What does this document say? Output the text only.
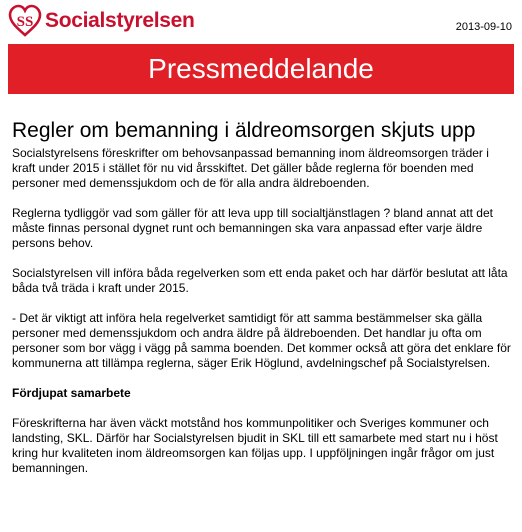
SS Socialstyrelsen	2013-09-10
Pressmeddelande
Regler om bemanning i äldreomsorgen skjuts upp

Socialstyrelsens föreskrifter om behovsanpassad bemanning inom äldreomsorgen träder i kraft under 2015 i stället för nu vid årsskiftet. Det gäller både reglerna för boenden med personer med demenssjukdom och de för alla andra äldreboenden.

Reglerna tydliggör vad som gäller för att leva upp till socialtjänstlagen ? bland annat att det måste finnas personal dygnet runt och bemanningen ska vara anpassad efter varje äldre persons behov.

Socialstyrelsen vill införa båda regelverken som ett enda paket och har därför beslutat att låta båda två träda i kraft under 2015.

- Det är viktigt att införa hela regelverket samtidigt för att samma bestämmelser ska gälla personer med demenssjukdom och andra äldre på äldreboenden. Det handlar ju ofta om personer som bor vägg i vägg på samma boenden. Det kommer också att göra det enklare för kommunerna att tillämpa reglerna, säger Erik Höglund, avdelningschef på Socialstyrelsen.

Fördjupat samarbete

Föreskrifterna har även väckt motstånd hos kommunpolitiker och Sveriges kommuner och landsting, SKL. Därför har Socialstyrelsen bjudit in SKL till ett samarbete med start nu i höst kring hur kvaliteten inom äldreomsorgen kan följas upp. I uppföljningen ingår frågor om just bemanningen.
